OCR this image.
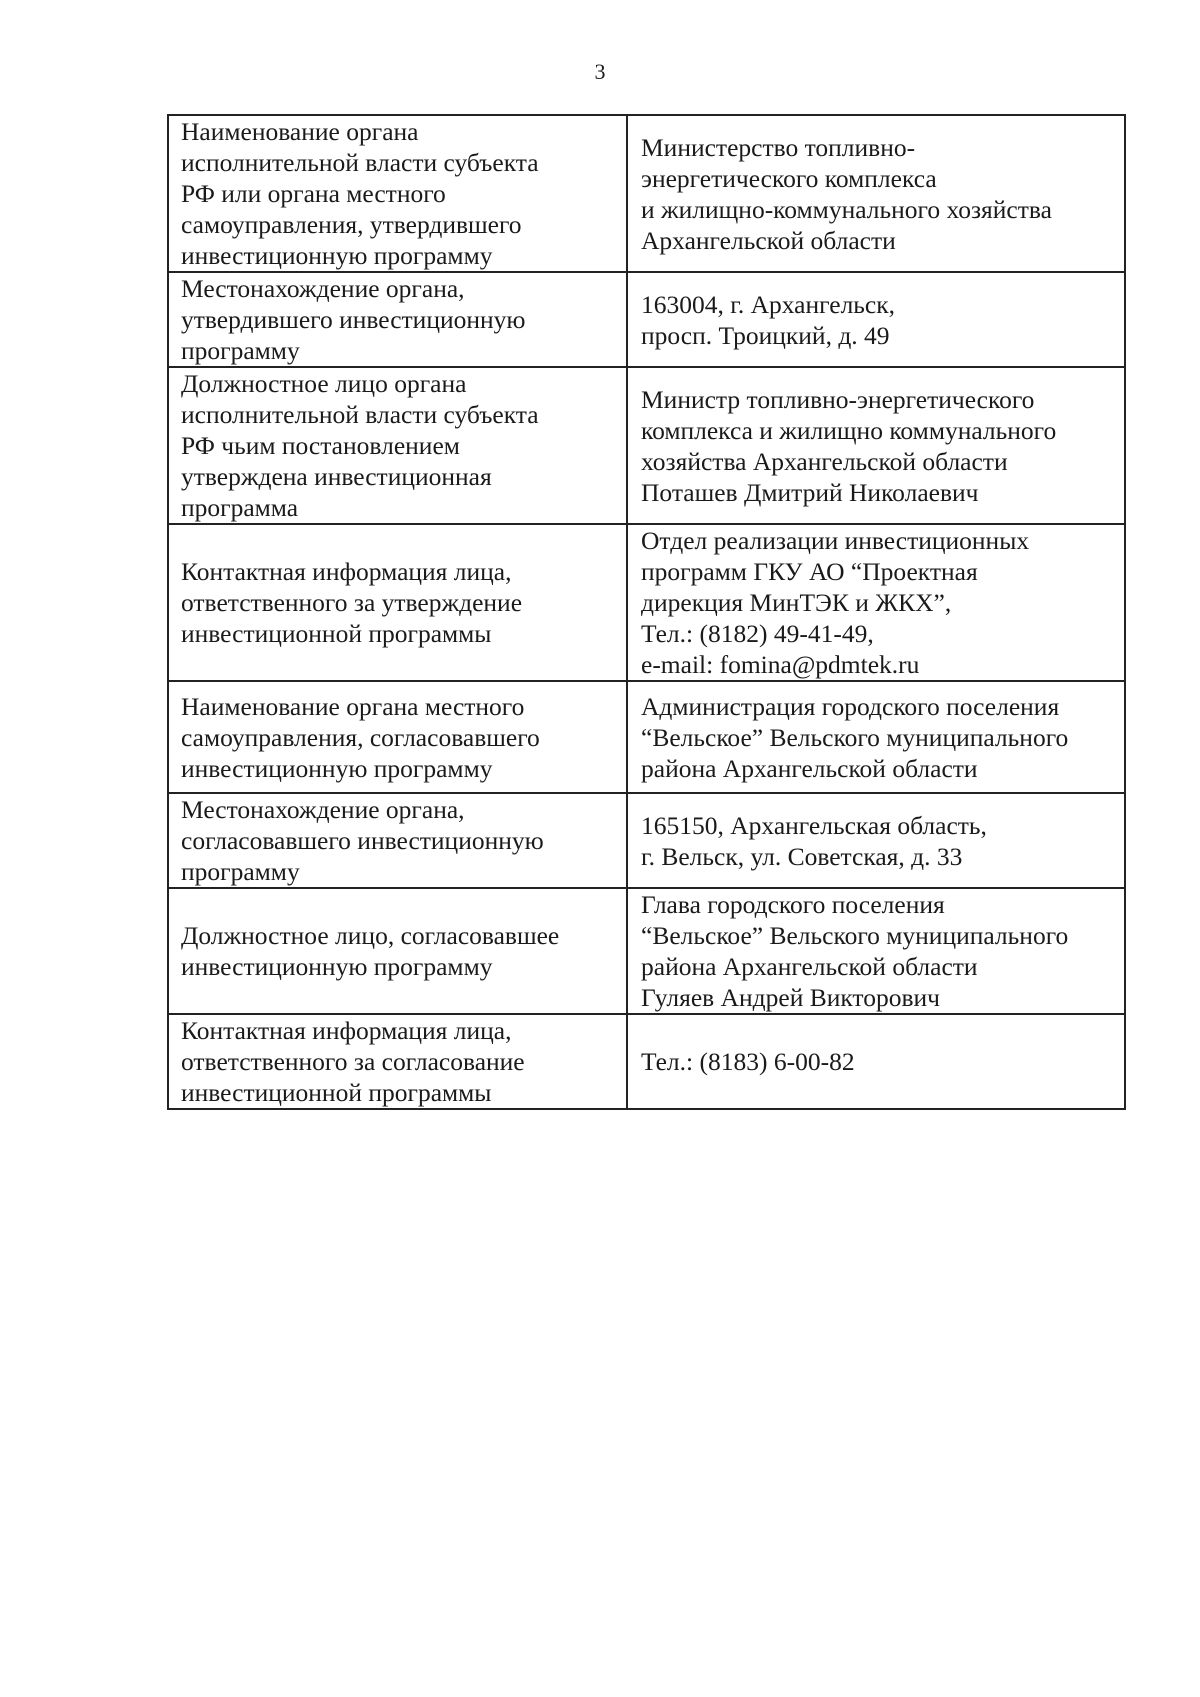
3
Наименование органа
исполнительной власти субъекта
РФ или органа местного
самоуправления, утвердившего
инвестиционную программу	Министерство топливно-
энергетического комплекса
и жилищно-коммунального хозяйства
Архангельской области

Местонахождение органа,
утвердившего инвестиционную
программу	163004, г. Архангельск,
просп. Троицкий, д. 49

Должностное лицо органа
исполнительной власти субъекта
РФ чьим постановлением
утверждена инвестиционная
программа	Министр топливно-энергетического
комплекса и жилищно коммунального
хозяйства Архангельской области
Поташев Дмитрий Николаевич

Контактная информация лица,
ответственного за утверждение
инвестиционной программы	Отдел реализации инвестиционных
программ ГКУ АО “Проектная
дирекция МинТЭК и ЖКХ”,
Тел.: (8182) 49-41-49,
e-mail: fomina@pdmtek.ru

Наименование органа местного
самоуправления, согласовавшего
инвестиционную программу	Администрация городского поселения
“Вельское” Вельского муниципального
района Архангельской области

Местонахождение органа,
согласовавшего инвестиционную
программу	165150, Архангельская область,
г. Вельск, ул. Советская, д. 33

Должностное лицо, согласовавшее
инвестиционную программу	Глава городского поселения
“Вельское” Вельского муниципального
района Архангельской области
Гуляев Андрей Викторович

Контактная информация лица,
ответственного за согласование
инвестиционной программы	Тел.: (8183) 6-00-82
